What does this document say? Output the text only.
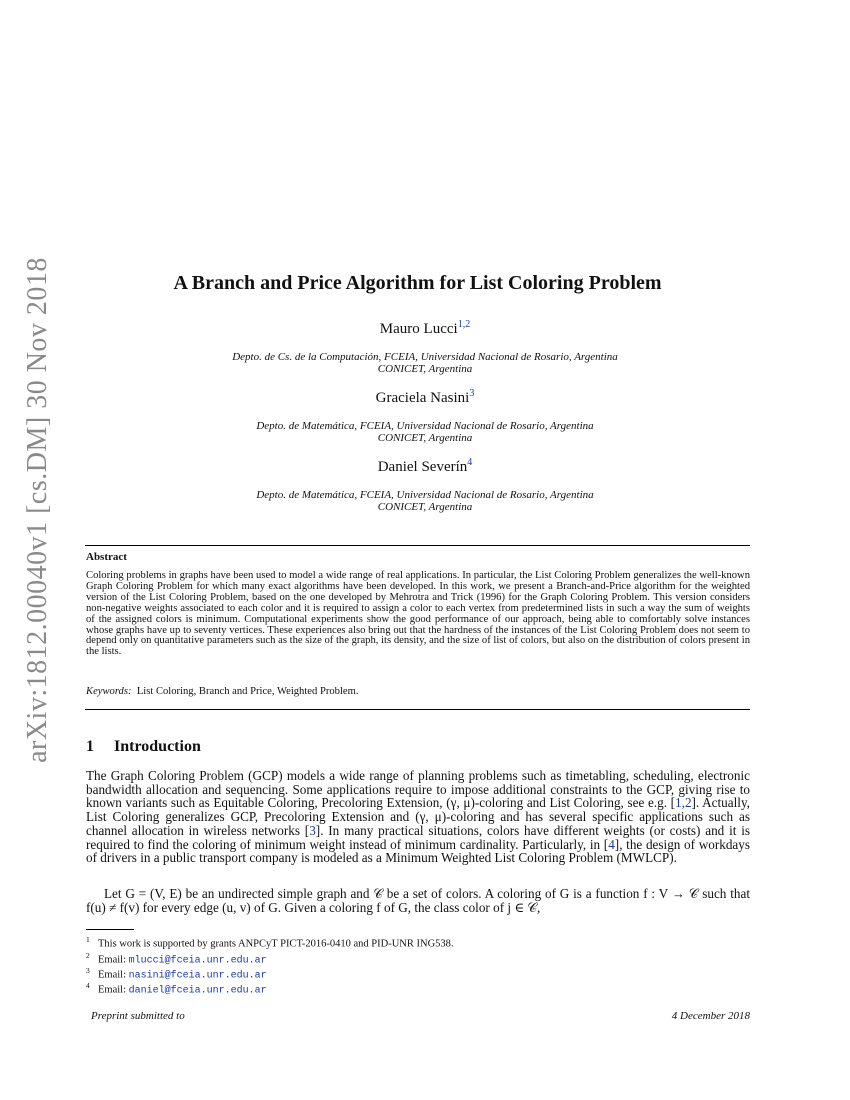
arXiv:1812.00040v1 [cs.DM] 30 Nov 2018	A Branch and Price Algorithm for List Coloring Problem
Mauro Lucci$^{1,2}$
Depto. de Cs. de la Computación, FCEIA, Universidad Nacional de Rosario, Argentina
CONICET, Argentina
Graciela Nasini$^3$
Depto. de Matemática, FCEIA, Universidad Nacional de Rosario, Argentina
CONICET, Argentina
Daniel Severín$^4$
Depto. de Matemática, FCEIA, Universidad Nacional de Rosario, Argentina
CONICET, Argentina
Abstract
Coloring problems in graphs have been used to model a wide range of real applications. In particular, the List Coloring Problem generalizes the well-known Graph Coloring Problem for which many exact algorithms have been developed. In this work, we present a Branch-and-Price algorithm for the weighted version of the List Coloring Problem, based on the one developed by Mehrotra and Trick (1996) for the Graph Coloring Problem. This version considers non-negative weights associated to each color and it is required to assign a color to each vertex from predetermined lists in such a way the sum of weights of the assigned colors is minimum. Computational experiments show the good performance of our approach, being able to comfortably solve instances whose graphs have up to seventy vertices. These experiences also bring out that the hardness of the instances of the List Coloring Problem does not seem to depend only on quantitative parameters such as the size of the graph, its density, and the size of list of colors, but also on the distribution of colors present in the lists.
Keywords: List Coloring, Branch and Price, Weighted Problem.
1 Introduction
The Graph Coloring Problem (GCP) models a wide range of planning problems such as timetabling, scheduling, electronic bandwidth allocation and sequencing. Some applications require to impose additional constraints to the GCP, giving rise to known variants such as Equitable Coloring, Precoloring Extension, (γ, μ)-coloring and List Coloring, see e.g. [1,2]. Actually, List Coloring generalizes GCP, Precoloring Extension and (γ, μ)-coloring and has several specific applications such as channel allocation in wireless networks [3]. In many practical situations, colors have different weights (or costs) and it is required to find the coloring of minimum weight instead of minimum cardinality. Particularly, in [4], the design of workdays of drivers in a public transport company is modeled as a Minimum Weighted List Coloring Problem (MWLCP).
Let G = (V, E) be an undirected simple graph and 𝒞 be a set of colors. A coloring of G is a function f : V → 𝒞 such that f(u) ≠ f(v) for every edge (u, v) of G. Given a coloring f of G, the class color of j ∈ 𝒞,
$^1$ This work is supported by grants ANPCyT PICT-2016-0410 and PID-UNR ING538.
$^2$ Email: mlucci@fceia.unr.edu.ar
$^3$ Email: nasini@fceia.unr.edu.ar
$^4$ Email: daniel@fceia.unr.edu.ar
Preprint submitted to	4 December 2018
